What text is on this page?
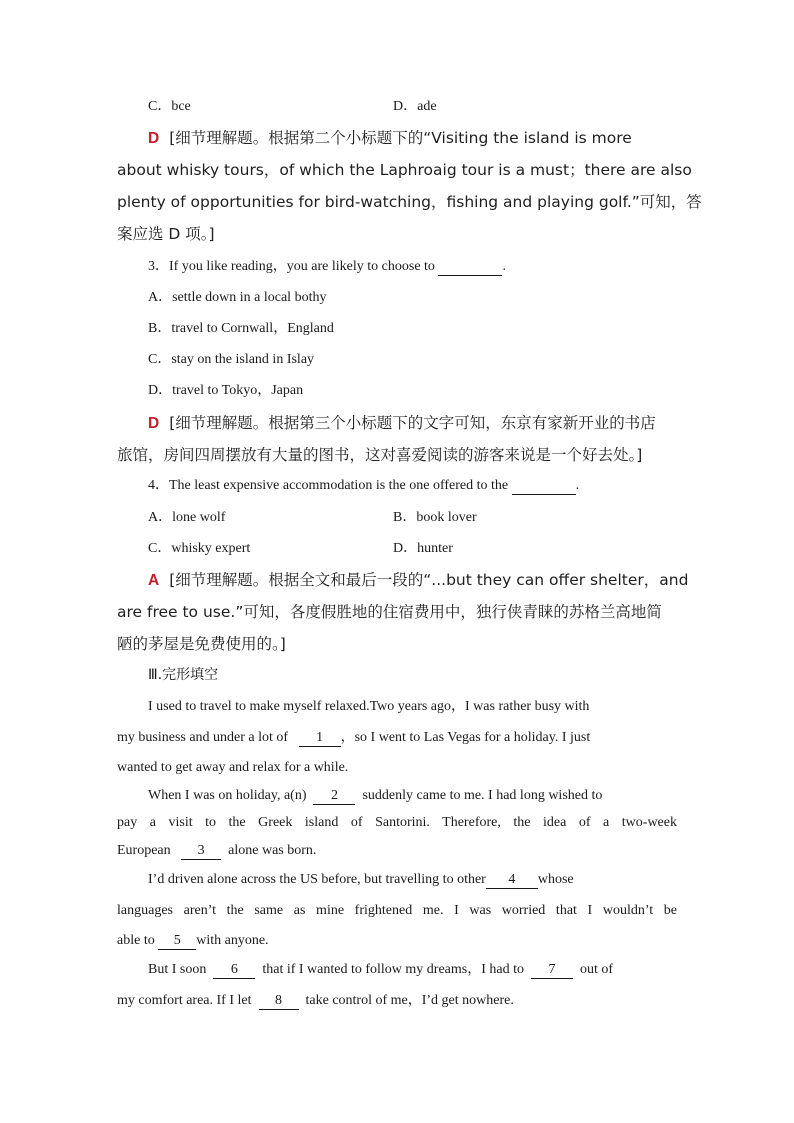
C．bce	D．ade
D [细节理解题。根据第二个小标题下的“Visiting the island is more
about whisky tours，of which the Laphroaig tour is a must；there are also
plenty of opportunities for bird-watching，fishing and playing golf.”可知，答
案应选 D 项。]
3．If you like reading，you are likely to choose to	.
A．settle down in a local bothy
B．travel to Cornwall，England
C．stay on the island in Islay
D．travel to Tokyo，Japan
D [细节理解题。根据第三个小标题下的文字可知，东京有家新开业的书店
旅馆，房间四周摆放有大量的图书，这对喜爱阅读的游客来说是一个好去处。]
4．The least expensive accommodation is the one offered to the	.
A．lone wolf	B．book lover
C．whisky expert	D．hunter
A [细节理解题。根据全文和最后一段的“...but they can offer shelter，and
are free to use.”可知，各度假胜地的住宿费用中，独行侠青睐的苏格兰高地简
陋的茅屋是免费使用的。]
Ⅲ.完形填空
I used to travel to make myself relaxed.Two years ago，I was rather busy with
my business and under a lot of 1 ，so I went to Las Vegas for a holiday. I just
wanted to get away and relax for a while.
When I was on holiday, a(n) 2 suddenly came to me. I had long wished to
pay a visit to the Greek island of Santorini. Therefore, the idea of a two-week
European 3 alone was born.
I’d driven alone across the US before, but travelling to other 4 whose
languages aren’t the same as mine frightened me. I was worried that I wouldn’t be
able to 5 with anyone.
But I soon 6 that if I wanted to follow my dreams，I had to 7 out of
my comfort area. If I let 8 take control of me，I’d get nowhere.
